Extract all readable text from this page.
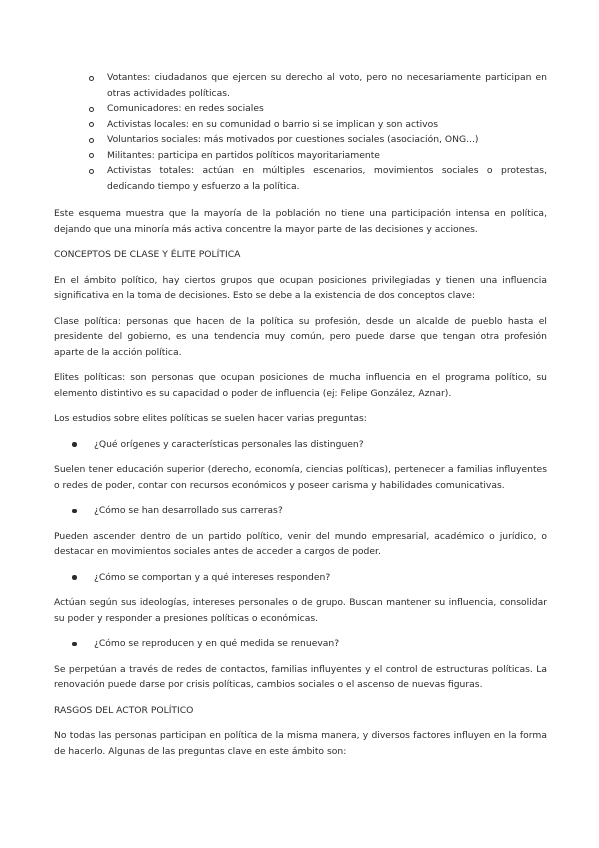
Votantes: ciudadanos que ejercen su derecho al voto, pero no necesariamente participan en otras actividades políticas.
Comunicadores: en redes sociales
Activistas locales: en su comunidad o barrio si se implican y son activos
Voluntarios sociales: más motivados por cuestiones sociales (asociación, ONG...)
Militantes: participa en partidos políticos mayoritariamente
Activistas totales: actúan en múltiples escenarios, movimientos sociales o protestas, dedicando tiempo y esfuerzo a la política.

Este esquema muestra que la mayoría de la población no tiene una participación intensa en política, dejando que una minoría más activa concentre la mayor parte de las decisiones y acciones.

CONCEPTOS DE CLASE Y ÉLITE POLÍTICA

En el ámbito político, hay ciertos grupos que ocupan posiciones privilegiadas y tienen una influencia significativa en la toma de decisiones. Esto se debe a la existencia de dos conceptos clave:

Clase política: personas que hacen de la política su profesión, desde un alcalde de pueblo hasta el presidente del gobierno, es una tendencia muy común, pero puede darse que tengan otra profesión aparte de la acción política.

Elites políticas: son personas que ocupan posiciones de mucha influencia en el programa político, su elemento distintivo es su capacidad o poder de influencia (ej: Felipe González, Aznar).

Los estudios sobre elites políticas se suelen hacer varias preguntas:

¿Qué orígenes y características personales las distinguen?

Suelen tener educación superior (derecho, economía, ciencias políticas), pertenecer a familias influyentes o redes de poder, contar con recursos económicos y poseer carisma y habilidades comunicativas.

¿Cómo se han desarrollado sus carreras?

Pueden ascender dentro de un partido político, venir del mundo empresarial, académico o jurídico, o destacar en movimientos sociales antes de acceder a cargos de poder.

¿Cómo se comportan y a qué intereses responden?

Actúan según sus ideologías, intereses personales o de grupo. Buscan mantener su influencia, consolidar su poder y responder a presiones políticas o económicas.

¿Cómo se reproducen y en qué medida se renuevan?

Se perpetúan a través de redes de contactos, familias influyentes y el control de estructuras políticas. La renovación puede darse por crisis políticas, cambios sociales o el ascenso de nuevas figuras.

RASGOS DEL ACTOR POLÍTICO

No todas las personas participan en política de la misma manera, y diversos factores influyen en la forma de hacerlo. Algunas de las preguntas clave en este ámbito son:
